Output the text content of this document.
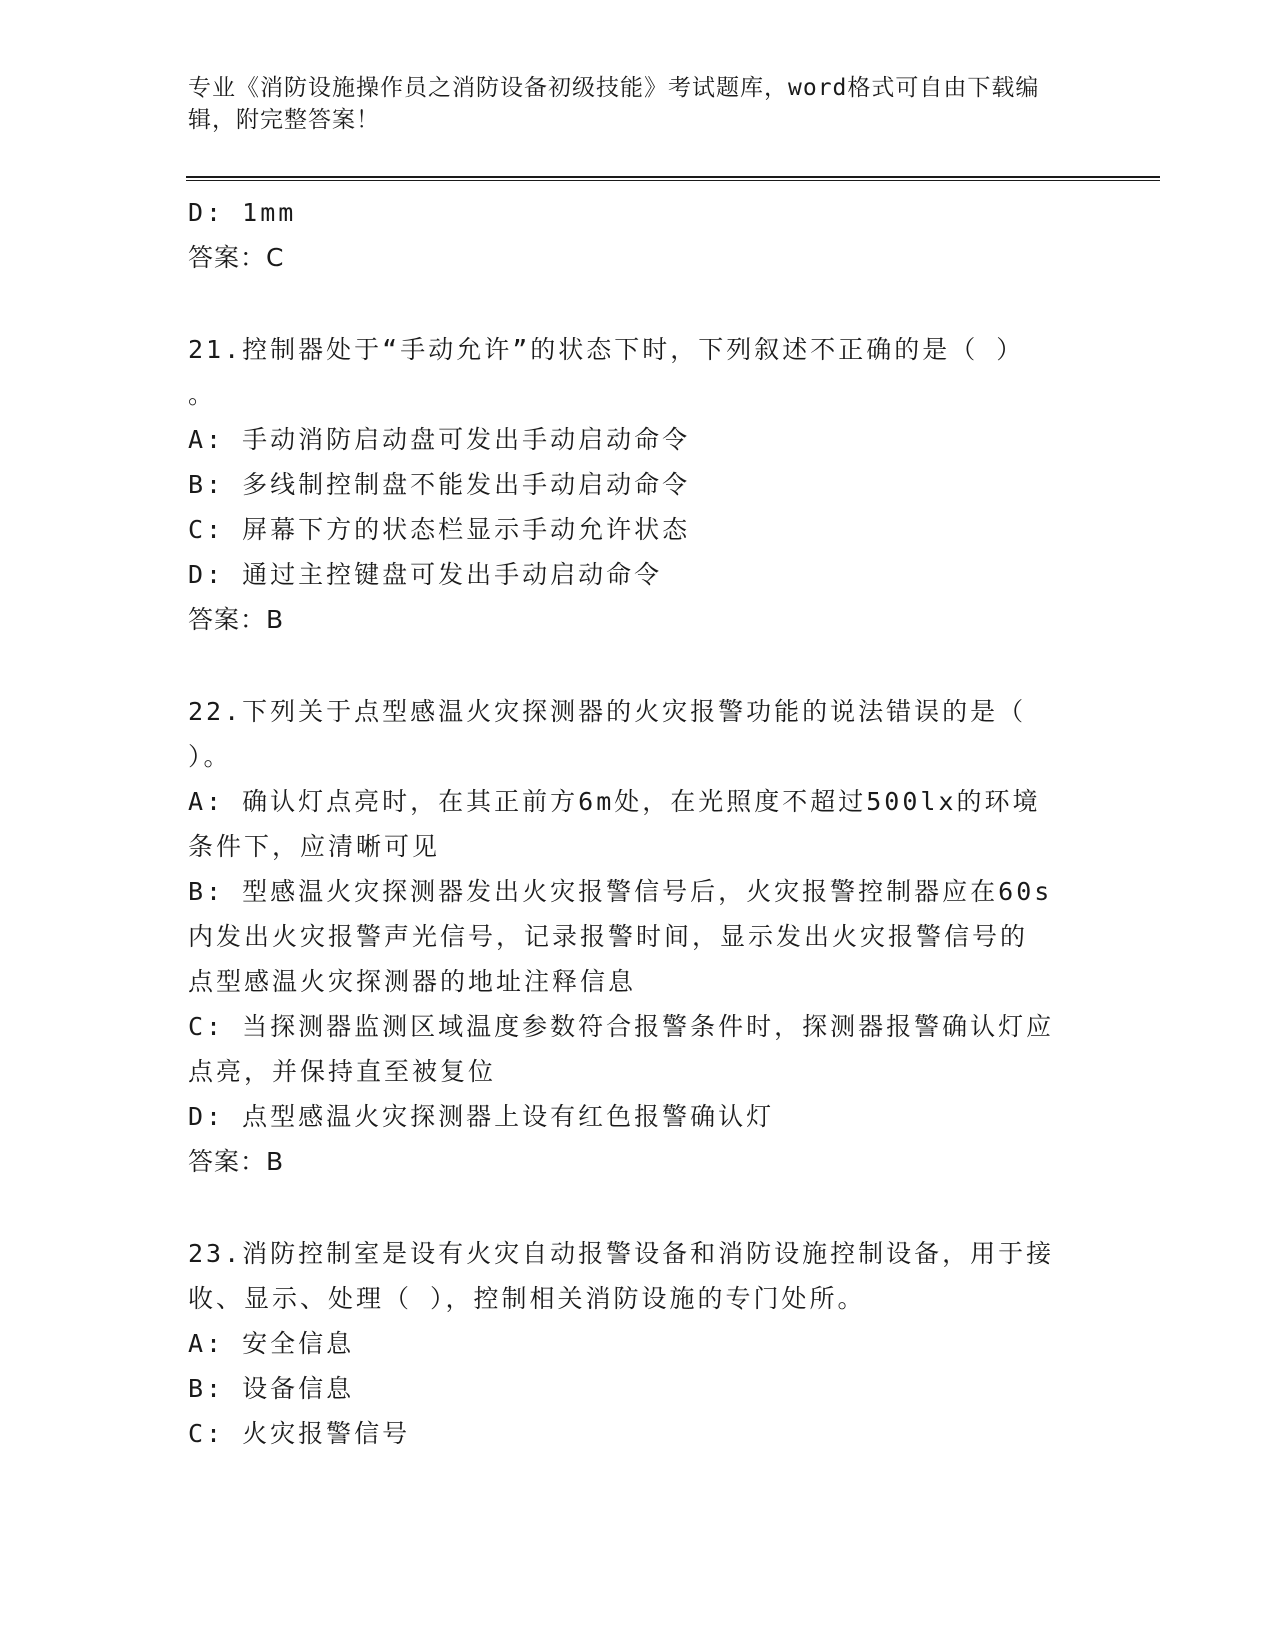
专业《消防设施操作员之消防设备初级技能》考试题库，word格式可自由下载编
辑，附完整答案！
D: 1mm
答案：C
21.控制器处于“手动允许”的状态下时，下列叙述不正确的是（ ）
。
A: 手动消防启动盘可发出手动启动命令
B: 多线制控制盘不能发出手动启动命令
C: 屏幕下方的状态栏显示手动允许状态
D: 通过主控键盘可发出手动启动命令
答案：B
22.下列关于点型感温火灾探测器的火灾报警功能的说法错误的是（
）。
A: 确认灯点亮时，在其正前方6m处，在光照度不超过500lx的环境
条件下，应清晰可见
B: 型感温火灾探测器发出火灾报警信号后，火灾报警控制器应在60s
内发出火灾报警声光信号，记录报警时间，显示发出火灾报警信号的
点型感温火灾探测器的地址注释信息
C: 当探测器监测区域温度参数符合报警条件时，探测器报警确认灯应
点亮，并保持直至被复位
D: 点型感温火灾探测器上设有红色报警确认灯
答案：B
23.消防控制室是设有火灾自动报警设备和消防设施控制设备，用于接
收、显示、处理（ ），控制相关消防设施的专门处所。
A: 安全信息
B: 设备信息
C: 火灾报警信号
